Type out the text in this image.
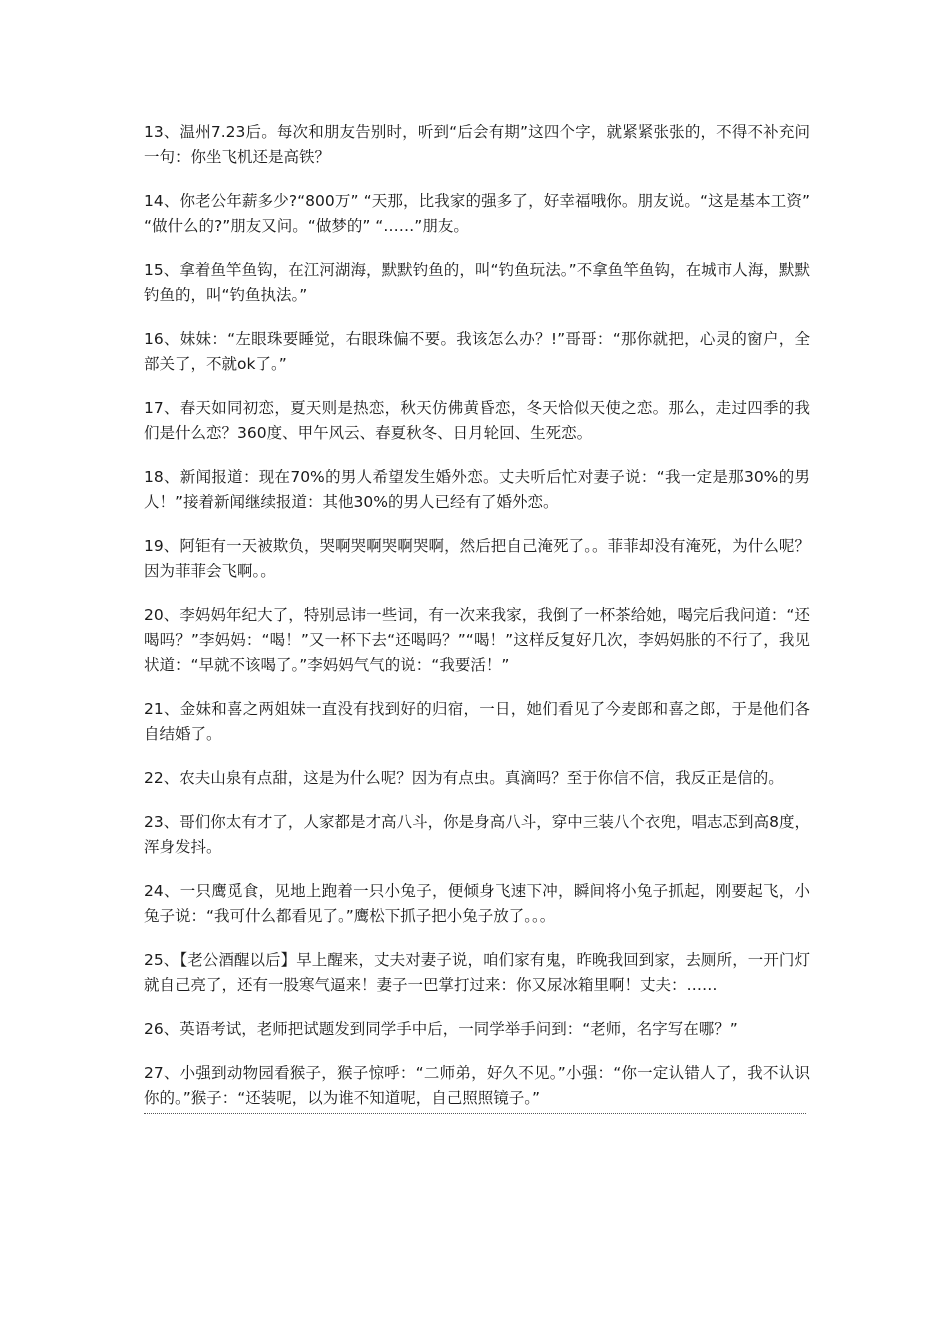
13、温州7.23后。每次和朋友告别时，听到“后会有期”这四个字，就紧紧张张的，不得不补充问一句：你坐飞机还是高铁？

14、你老公年薪多少?“800万” “天那，比我家的强多了，好幸福哦你。朋友说。“这是基本工资” “做什么的?”朋友又问。“做梦的” “……”朋友。

15、拿着鱼竿鱼钩，在江河湖海，默默钓鱼的，叫“钓鱼玩法。”不拿鱼竿鱼钩，在城市人海，默默钓鱼的，叫“钓鱼执法。”

16、妹妹：“左眼珠要睡觉，右眼珠偏不要。我该怎么办？!”哥哥：“那你就把，心灵的窗户，全部关了，不就ok了。”

17、春天如同初恋，夏天则是热恋，秋天仿佛黄昏恋，冬天恰似天使之恋。那么，走过四季的我们是什么恋？360度、甲午风云、春夏秋冬、日月轮回、生死恋。

18、新闻报道：现在70%的男人希望发生婚外恋。丈夫听后忙对妻子说：“我一定是那30%的男人！”接着新闻继续报道：其他30%的男人已经有了婚外恋。

19、阿钜有一天被欺负，哭啊哭啊哭啊哭啊，然后把自己淹死了。。菲菲却没有淹死，为什么呢？因为菲菲会飞啊。。

20、李妈妈年纪大了，特别忌讳一些词，有一次来我家，我倒了一杯茶给她，喝完后我问道：“还喝吗？”李妈妈：“喝！”又一杯下去“还喝吗？”“喝！”这样反复好几次，李妈妈胀的不行了，我见状道：“早就不该喝了。”李妈妈气气的说：“我要活！”

21、金妹和喜之两姐妹一直没有找到好的归宿，一日，她们看见了今麦郎和喜之郎，于是他们各自结婚了。

22、农夫山泉有点甜，这是为什么呢？因为有点虫。真滴吗？至于你信不信，我反正是信的。

23、哥们你太有才了，人家都是才高八斗，你是身高八斗，穿中三装八个衣兜，唱志忑到高8度，浑身发抖。

24、一只鹰觅食，见地上跑着一只小兔子，便倾身飞速下冲，瞬间将小兔子抓起，刚要起飞，小兔子说：“我可什么都看见了。”鹰松下抓子把小兔子放了。。。

25、【老公酒醒以后】早上醒来，丈夫对妻子说，咱们家有鬼，昨晚我回到家，去厕所，一开门灯就自己亮了，还有一股寒气逼来！妻子一巴掌打过来：你又尿冰箱里啊！丈夫：……

26、英语考试，老师把试题发到同学手中后，一同学举手问到：“老师，名字写在哪？”

27、小强到动物园看猴子，猴子惊呼：“二师弟，好久不见。”小强：“你一定认错人了，我不认识你的。”猴子：“还装呢，以为谁不知道呢，自己照照镜子。”
